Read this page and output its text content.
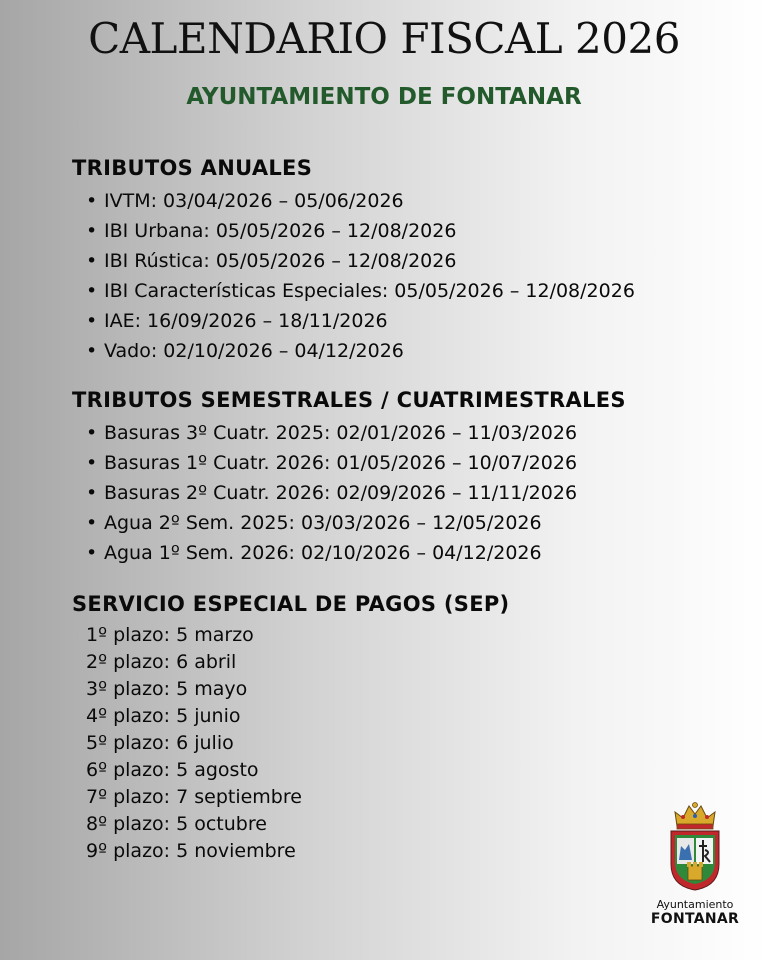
CALENDARIO FISCAL 2026
AYUNTAMIENTO DE FONTANAR
TRIBUTOS ANUALES
• IVTM: 03/04/2026 – 05/06/2026
• IBI Urbana: 05/05/2026 – 12/08/2026
• IBI Rústica: 05/05/2026 – 12/08/2026
• IBI Características Especiales: 05/05/2026 – 12/08/2026
• IAE: 16/09/2026 – 18/11/2026
• Vado: 02/10/2026 – 04/12/2026
TRIBUTOS SEMESTRALES / CUATRIMESTRALES
• Basuras 3º Cuatr. 2025: 02/01/2026 – 11/03/2026
• Basuras 1º Cuatr. 2026: 01/05/2026 – 10/07/2026
• Basuras 2º Cuatr. 2026: 02/09/2026 – 11/11/2026
• Agua 2º Sem. 2025: 03/03/2026 – 12/05/2026
• Agua 1º Sem. 2026: 02/10/2026 – 04/12/2026
SERVICIO ESPECIAL DE PAGOS (SEP)
1º plazo: 5 marzo
2º plazo: 6 abril
3º plazo: 5 mayo
4º plazo: 5 junio
5º plazo: 6 julio
6º plazo: 5 agosto
7º plazo: 7 septiembre
8º plazo: 5 octubre
9º plazo: 5 noviembre
Ayuntamiento
FONTANAR
